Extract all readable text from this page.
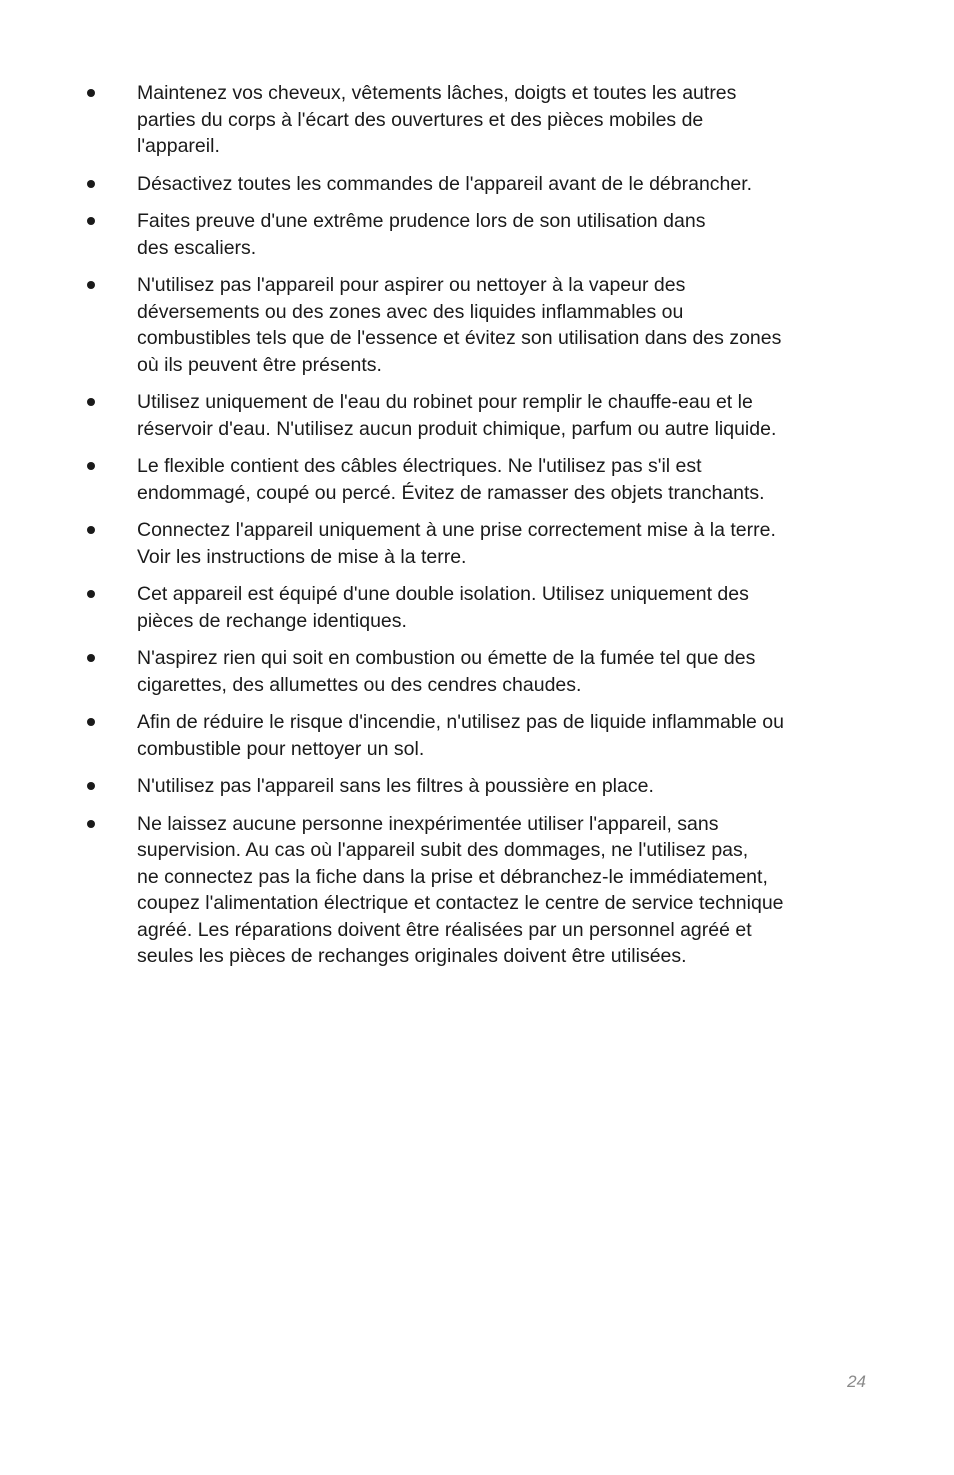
Maintenez vos cheveux, vêtements lâches, doigts et toutes les autres
parties du corps à l'écart des ouvertures et des pièces mobiles de
l'appareil.
Désactivez toutes les commandes de l'appareil avant de le débrancher.
Faites preuve d'une extrême prudence lors de son utilisation dans
des escaliers.
N'utilisez pas l'appareil pour aspirer ou nettoyer à la vapeur des
déversements ou des zones avec des liquides inflammables ou
combustibles tels que de l'essence et évitez son utilisation dans des zones
où ils peuvent être présents.
Utilisez uniquement de l'eau du robinet pour remplir le chauffe-eau et le
réservoir d'eau. N'utilisez aucun produit chimique, parfum ou autre liquide.
Le flexible contient des câbles électriques. Ne l'utilisez pas s'il est
endommagé, coupé ou percé. Évitez de ramasser des objets tranchants.
Connectez l'appareil uniquement à une prise correctement mise à la terre.
Voir les instructions de mise à la terre.
Cet appareil est équipé d'une double isolation. Utilisez uniquement des
pièces de rechange identiques.
N'aspirez rien qui soit en combustion ou émette de la fumée tel que des
cigarettes, des allumettes ou des cendres chaudes.
Afin de réduire le risque d'incendie, n'utilisez pas de liquide inflammable ou
combustible pour nettoyer un sol.
N'utilisez pas l'appareil sans les filtres à poussière en place.
Ne laissez aucune personne inexpérimentée utiliser l'appareil, sans
supervision. Au cas où l'appareil subit des dommages, ne l'utilisez pas,
ne connectez pas la fiche dans la prise et débranchez-le immédiatement,
coupez l'alimentation électrique et contactez le centre de service technique
agréé. Les réparations doivent être réalisées par un personnel agréé et
seules les pièces de rechanges originales doivent être utilisées.
24
